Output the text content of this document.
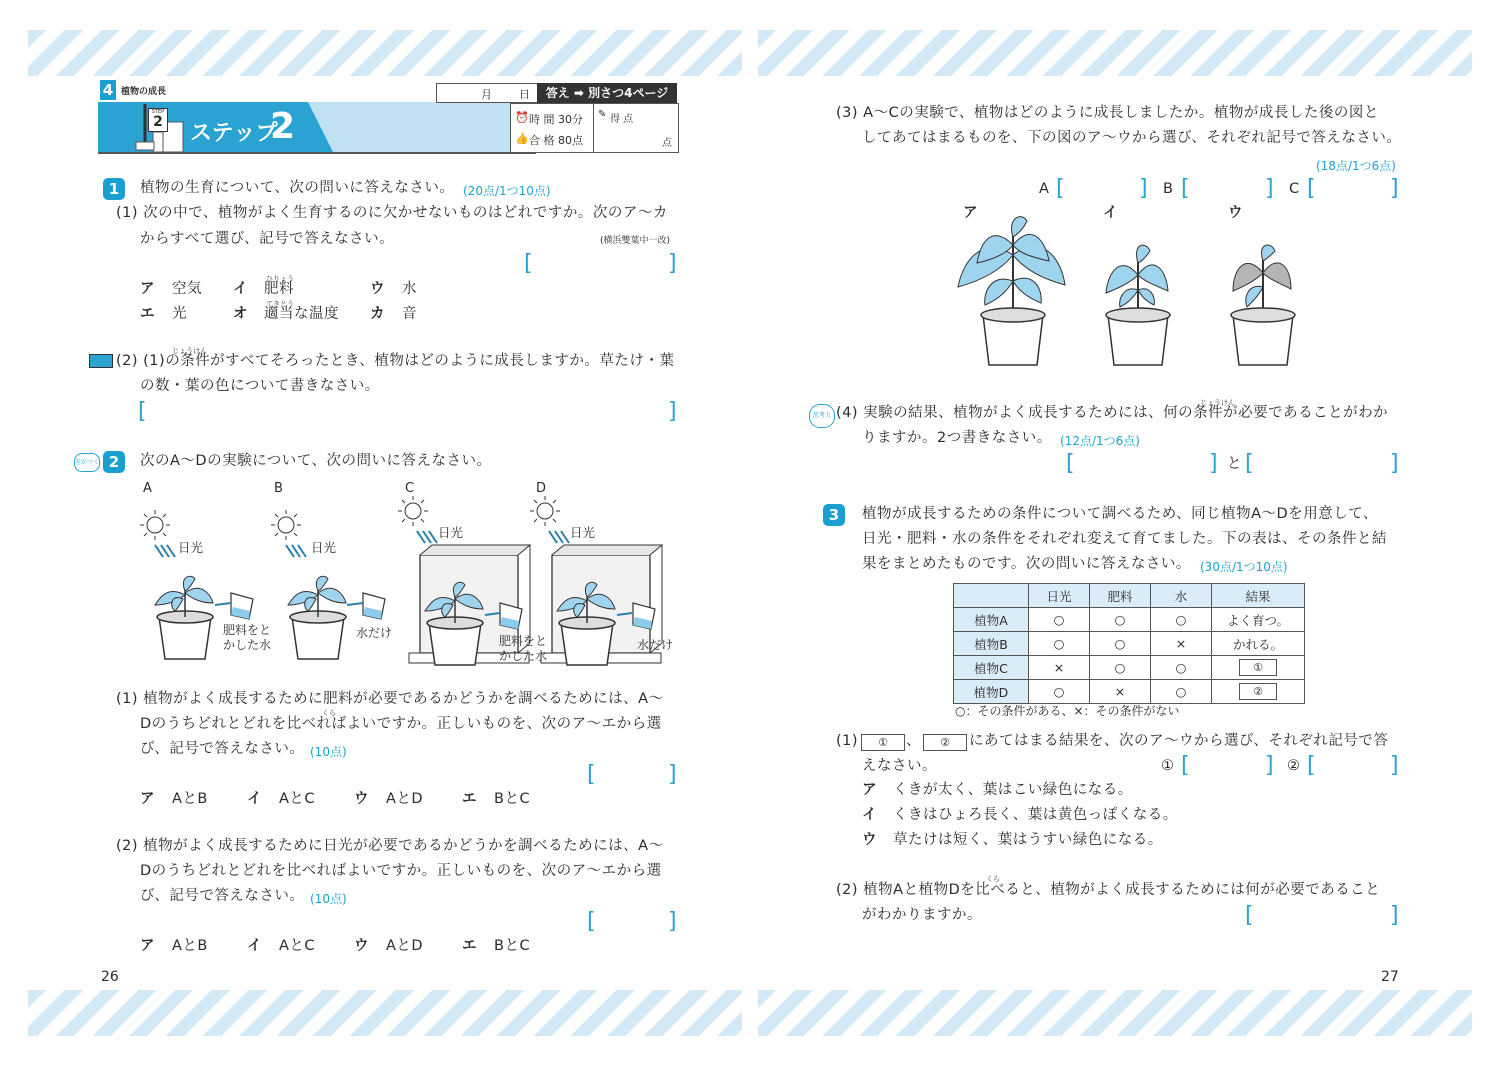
4 植物の成長
STEP
2 ステップ
2
月 日	答え ➡ 別さつ4ページ
⏰ 時 間 30分
👍 合 格 80点
✎ 得 点
点
1	植物の生育について、次の問いに答えなさい。 (20点/1つ10点)
(1) 次の中で、植物がよく生育するのに欠かせないものはどれですか。次のア～カ
からすべて選び、記号で答えなさい。	(横浜雙葉中一改)
[	]
ひりょう
てきとう
ア 空気 イ 肥料	ウ 水
エ 光	オ 適当な温度 カ 音
じょうけん
(2) (1)の条件がすべてそろったとき、植物はどのように成長しますか。草たけ・葉
の数・葉の色について書きなさい。
[	]
差がつく 2	次のA～Dの実験について、次の問いに答えなさい。
A	B	C	D
日光	日光
日光	日光
肥料をと
かした水
水だけ
肥料をと
かした水
水だけ
くら
(1) 植物がよく成長するために肥料が必要であるかどうかを調べるためには、A～
Dのうちどれとどれを比べればよいですか。正しいものを、次のア～エから選
び、記号で答えなさい。 (10点)
[	]
ア AとB	イ AとC	ウ AとD	エ BとC
(2) 植物がよく成長するために日光が必要であるかどうかを調べるためには、A～
Dのうちどれとどれを比べればよいですか。正しいものを、次のア～エから選
び、記号で答えなさい。 (10点)
[	]
ア AとB	イ AとC	ウ AとD	エ BとC
26
(3) A～Cの実験で、植物はどのように成長しましたか。植物が成長した後の図と
してあてはまるものを、下の図のア～ウから選び、それぞれ記号で答えなさい。
(18点/1つ6点)
A [	] B [	] C [	]
ア	イ	ウ
思考力
じょうけん
(4) 実験の結果、植物がよく成長するためには、何の条件が必要であることがわか
りますか。2つ書きなさい。 (12点/1つ6点)
[	] と [	]
3	植物が成長するための条件について調べるため、同じ植物A～Dを用意して、
日光・肥料・水の条件をそれぞれ変えて育てました。下の表は、その条件と結
果をまとめたものです。次の問いに答えなさい。 (30点/1つ10点)
	日光	肥料	水	結果
植物A	○	○	○	よく育つ。
植物B	○	○	×	かれる。
植物C	×	○	○	①
植物D	○	×	○	②
○：その条件がある、×：その条件がない
(1)	①	、	②	にあてはまる結果を、次のア～ウから選び、それぞれ記号で答
えなさい。	① [	] ② [	]
ア くきが太く、葉はこい緑色になる。
イ くきはひょろ長く、葉は黄色っぽくなる。
ウ 草たけは短く、葉はうすい緑色になる。
くら
(2) 植物Aと植物Dを比べると、植物がよく成長するためには何が必要であること
がわかりますか。	[	]
27
